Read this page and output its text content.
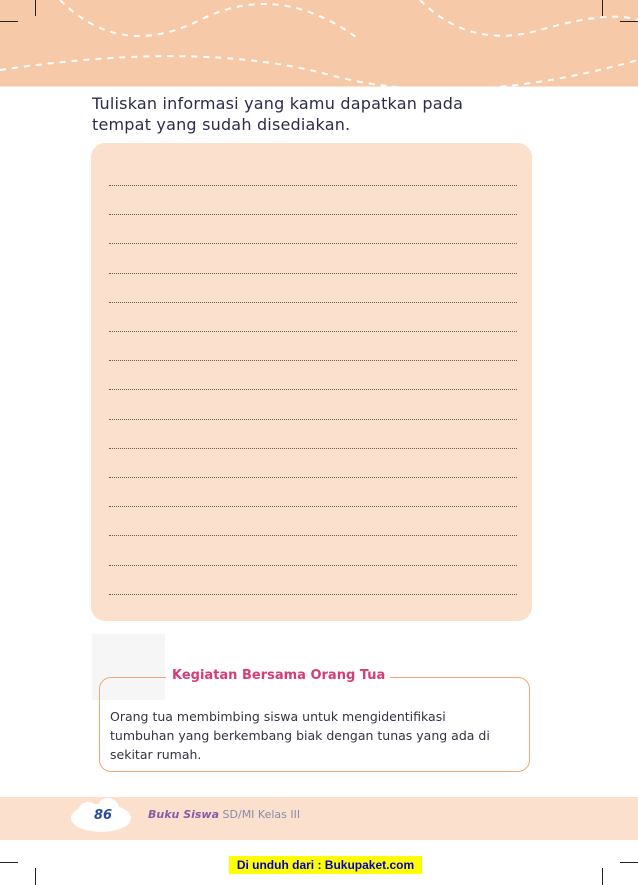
Tuliskan informasi yang kamu dapatkan pada
tempat yang sudah disediakan.
Kegiatan Bersama Orang Tua
Orang tua membimbing siswa untuk mengidentifikasi
tumbuhan yang berkembang biak dengan tunas yang ada di
sekitar rumah.
86	Buku Siswa SD/MI Kelas III
Di unduh dari : Bukupaket.com
